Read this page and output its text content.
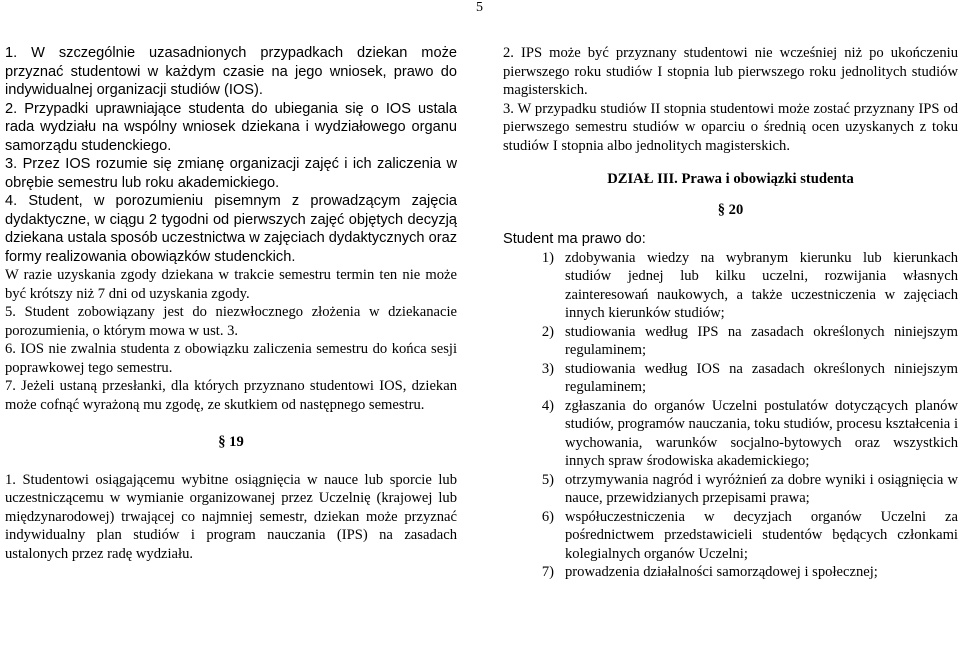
5

1. W szczególnie uzasadnionych przypadkach dziekan może przyznać studentowi w każdym czasie na jego wniosek, prawo do indywidualnej organizacji studiów (IOS).

2. Przypadki uprawniające studenta do ubiegania się o IOS ustala rada wydziału na wspólny wniosek dziekana i wydziałowego organu samorządu studenckiego.

3. Przez IOS rozumie się zmianę organizacji zajęć i ich zaliczenia w obrębie semestru lub roku akademickiego.

4. Student, w porozumieniu pisemnym z prowadzącym zajęcia dydaktyczne, w ciągu 2 tygodni od pierwszych zajęć objętych decyzją dziekana ustala sposób uczestnictwa w zajęciach dydaktycznych oraz formy realizowania obowiązków studenckich.

W razie uzyskania zgody dziekana w trakcie semestru termin ten nie może być krótszy niż 7 dni od uzyskania zgody.

5. Student zobowiązany jest do niezwłocznego złożenia w dziekanacie porozumienia, o którym mowa w ust. 3.

6. IOS nie zwalnia studenta z obowiązku zaliczenia semestru do końca sesji poprawkowej tego semestru.

7. Jeżeli ustaną przesłanki, dla których przyznano studentowi IOS, dziekan może cofnąć wyrażoną mu zgodę, ze skutkiem od następnego semestru.

§ 19

1. Studentowi osiągającemu wybitne osiągnięcia w nauce lub sporcie lub uczestniczącemu w wymianie organizowanej przez Uczelnię (krajowej lub międzynarodowej) trwającej co najmniej semestr, dziekan może przyznać indywidualny plan studiów i program nauczania (IPS) na zasadach ustalonych przez radę wydziału.

2. IPS może być przyznany studentowi nie wcześniej niż po ukończeniu pierwszego roku studiów I stopnia lub pierwszego roku jednolitych studiów magisterskich.

3. W przypadku studiów II stopnia studentowi może zostać przyznany IPS od pierwszego semestru studiów w oparciu o średnią ocen uzyskanych z toku studiów I stopnia albo jednolitych magisterskich.

DZIAŁ III. Prawa i obowiązki studenta

§ 20

Student ma prawo do:

1) zdobywania wiedzy na wybranym kierunku lub kierunkach studiów jednej lub kilku uczelni, rozwijania własnych zainteresowań naukowych, a także uczestniczenia w zajęciach innych kierunków studiów;
2) studiowania według IPS na zasadach określonych niniejszym regulaminem;
3) studiowania według IOS na zasadach określonych niniejszym regulaminem;
4) zgłaszania do organów Uczelni postulatów dotyczących planów studiów, programów nauczania, toku studiów, procesu kształcenia i wychowania, warunków socjalno-bytowych oraz wszystkich innych spraw środowiska akademickiego;
5) otrzymywania nagród i wyróżnień za dobre wyniki i osiągnięcia w nauce, przewidzianych przepisami prawa;
6) współuczestniczenia w decyzjach organów Uczelni za pośrednictwem przedstawicieli studentów będących członkami kolegialnych organów Uczelni;
7) prowadzenia działalności samorządowej i społecznej;
